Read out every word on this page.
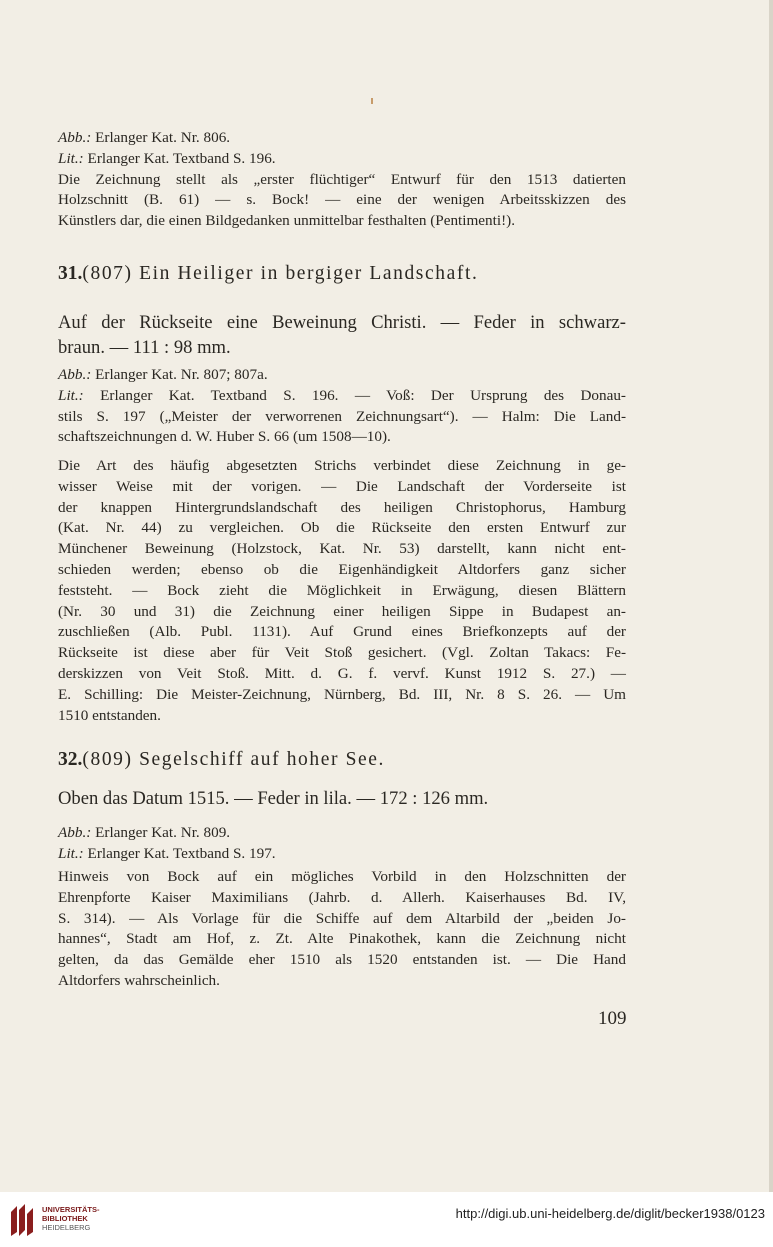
Abb.: Erlanger Kat. Nr. 806.
Lit.: Erlanger Kat. Textband S. 196.
Die Zeichnung stellt als „erster flüchtiger“ Entwurf für den 1513 datierten
Holzschnitt (B. 61) — s. Bock! — eine der wenigen Arbeitsskizzen des
Künstlers dar, die einen Bildgedanken unmittelbar festhalten (Pentimenti!).
31.(807) Ein Heiliger in bergiger Landschaft.
Auf der Rückseite eine Beweinung Christi. — Feder in schwarz-
braun. — 111 : 98 mm.
Abb.: Erlanger Kat. Nr. 807; 807a.
Lit.: Erlanger Kat. Textband S. 196. — Voß: Der Ursprung des Donau-
stils S. 197 („Meister der verworrenen Zeichnungsart“). — Halm: Die Land-
schaftszeichnungen d. W. Huber S. 66 (um 1508—10).
Die Art des häufig abgesetzten Strichs verbindet diese Zeichnung in ge-
wisser Weise mit der vorigen. — Die Landschaft der Vorderseite ist
der knappen Hintergrundslandschaft des heiligen Christophorus, Hamburg
(Kat. Nr. 44) zu vergleichen. Ob die Rückseite den ersten Entwurf zur
Münchener Beweinung (Holzstock, Kat. Nr. 53) darstellt, kann nicht ent-
schieden werden; ebenso ob die Eigenhändigkeit Altdorfers ganz sicher
feststeht. — Bock zieht die Möglichkeit in Erwägung, diesen Blättern
(Nr. 30 und 31) die Zeichnung einer heiligen Sippe in Budapest an-
zuschließen (Alb. Publ. 1131). Auf Grund eines Briefkonzepts auf der
Rückseite ist diese aber für Veit Stoß gesichert. (Vgl. Zoltan Takacs: Fe-
derskizzen von Veit Stoß. Mitt. d. G. f. vervf. Kunst 1912 S. 27.) —
E. Schilling: Die Meister-Zeichnung, Nürnberg, Bd. III, Nr. 8 S. 26. — Um
1510 entstanden.
32.(809) Segelschiff auf hoher See.
Oben das Datum 1515. — Feder in lila. — 172 : 126 mm.
Abb.: Erlanger Kat. Nr. 809.
Lit.: Erlanger Kat. Textband S. 197.
Hinweis von Bock auf ein mögliches Vorbild in den Holzschnitten der
Ehrenpforte Kaiser Maximilians (Jahrb. d. Allerh. Kaiserhauses Bd. IV,
S. 314). — Als Vorlage für die Schiffe auf dem Altarbild der „beiden Jo-
hannes“, Stadt am Hof, z. Zt. Alte Pinakothek, kann die Zeichnung nicht
gelten, da das Gemälde eher 1510 als 1520 entstanden ist. — Die Hand
Altdorfers wahrscheinlich.
109
UNIVERSITÄTS-
BIBLIOTHEK
HEIDELBERG
http://digi.ub.uni-heidelberg.de/diglit/becker1938/0123
